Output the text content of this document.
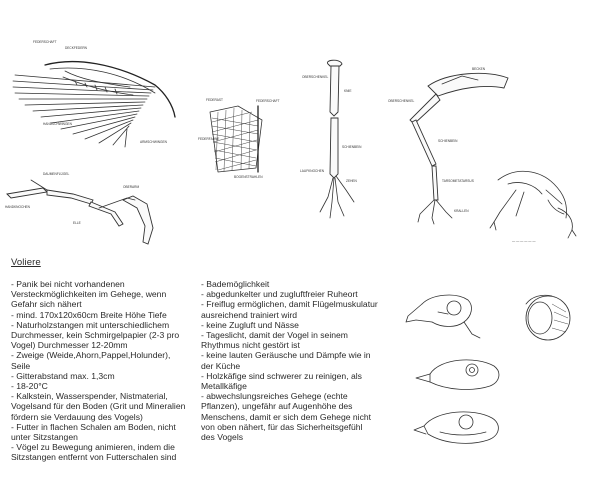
FEDERSCHAFT
DECKFEDERN
HANDSCHWINGEN
ARMSCHWINGEN
FEDERAST	FEDERSCHAFT
FEDERFAHNE
BOGENSTRAHLEN
DAUMENFLÜGEL
HANDKNOCHEN
ELLE
OBERARM
OBERSCHENKEL
KNIE
SCHIENBEIN
LAUFKNOCHEN
ZEHEN
BECKEN
OBERSCHENKEL
SCHIENBEIN
TARSOMETATARSUS
KRALLEN
— — — — — —
Voliere
- Panik bei nicht vorhandenen
Versteckmöglichkeiten im Gehege, wenn
Gefahr sich nähert
- mind. 170x120x60cm Breite Höhe Tiefe
- Naturholzstangen mit unterschiedlichem
Durchmesser, kein Schmirgelpapier (2-3 pro
Vogel) Durchmesser 12-20mm
- Zweige (Weide,Ahorn,Pappel,Holunder),
Seile
- Gitterabstand max. 1,3cm
- 18-20°C
- Kalkstein, Wasserspender, Nistmaterial,
Vogelsand für den Boden (Grit und Mineralien
fördern sie Verdauung des Vogels)
- Futter in flachen Schalen am Boden, nicht
unter Sitzstangen
- Vögel zu Bewegung animieren, indem die
Sitzstangen entfernt von Futterschalen sind
- Bademöglichkeit
- abgedunkelter und zugluftfreier Ruheort
- Freiflug ermöglichen, damit Flügelmuskulatur
ausreichend trainiert wird
- keine Zugluft und Nässe
- Tageslicht, damit der Vogel in seinem
Rhythmus nicht gestört ist
- keine lauten Geräusche und Dämpfe wie in
der Küche
- Holzkäfige sind schwerer zu reinigen, als
Metallkäfige
- abwechslungsreiches Gehege (echte
Pflanzen), ungefähr auf Augenhöhe des
Menschens, damit er sich dem Gehege nicht
von oben nähert, für das Sicherheitsgefühl
des Vogels
